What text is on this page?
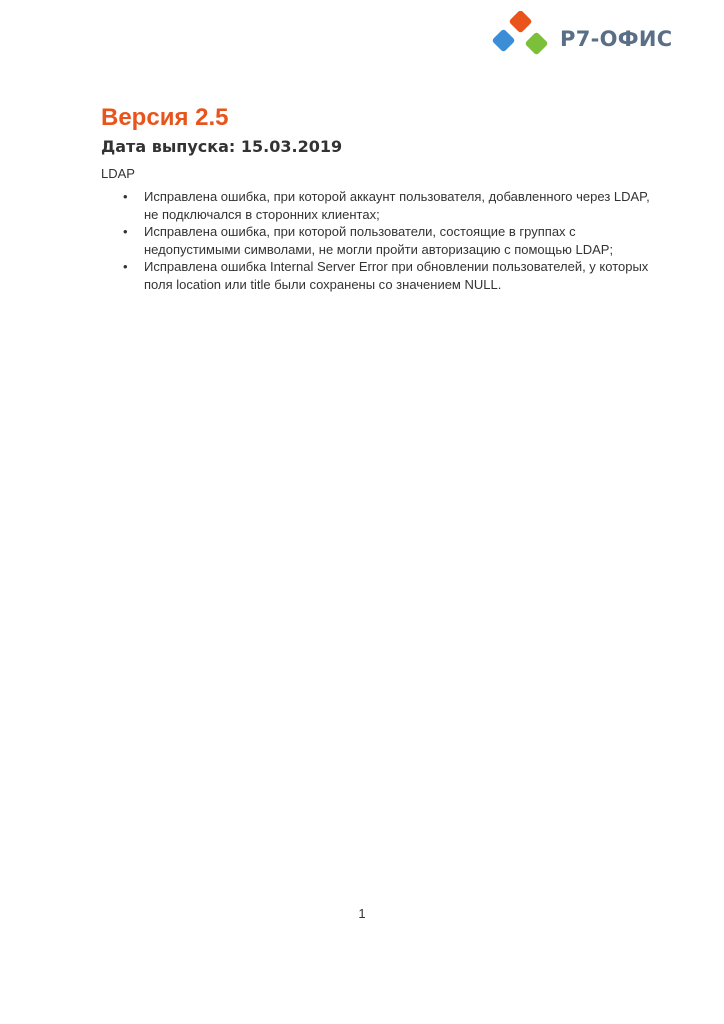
Р7-ОФИС
Версия 2.5
Дата выпуска: 15.03.2019

LDAP

• Исправлена ошибка, при которой аккаунт пользователя, добавленного через LDAP,
не подключался в сторонних клиентах;
• Исправлена ошибка, при которой пользователи, состоящие в группах с
недопустимыми символами, не могли пройти авторизацию с помощью LDAP;
• Исправлена ошибка Internal Server Error при обновлении пользователей, у которых
поля location или title были сохранены со значением NULL.
1
